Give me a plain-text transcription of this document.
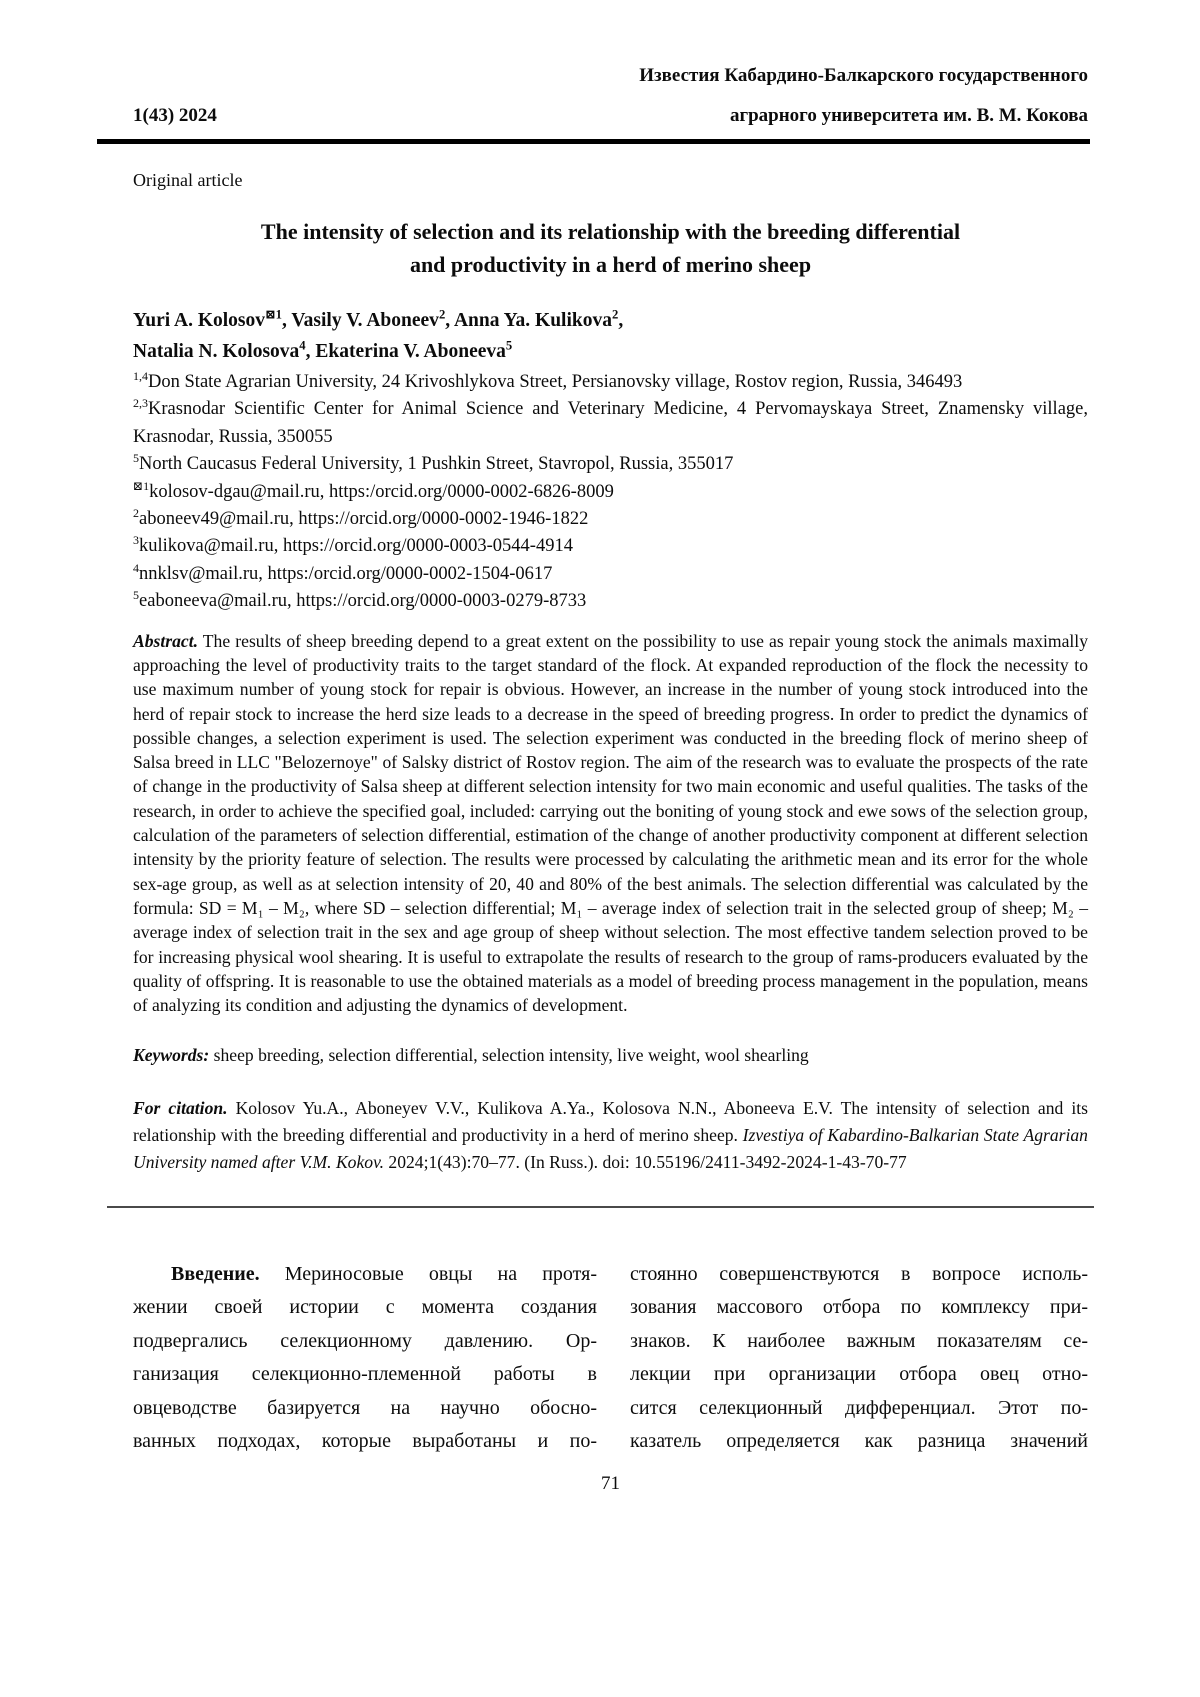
1(43) 2024
Известия Кабардино-Балкарского государственного
аграрного университета им. В. М. Кокова
Original article
The intensity of selection and its relationship with the breeding differential
and productivity in a herd of merino sheep
Yuri A. Kolosov$^{⊠1}$, Vasily V. Aboneev$^2$, Anna Ya. Kulikova$^2$,
Natalia N. Kolosova$^4$, Ekaterina V. Aboneeva$^5$
$^{1,4}$Don State Agrarian University, 24 Krivoshlykova Street, Persianovsky village, Rostov region, Russia, 346493
$^{2,3}$Krasnodar Scientific Center for Animal Science and Veterinary Medicine, 4 Pervomayskaya Street, Znamensky village, Krasnodar, Russia, 350055
$^5$North Caucasus Federal University, 1 Pushkin Street, Stavropol, Russia, 355017
$^{⊠1}$kolosov-dgau@mail.ru, https:/orcid.org/0000-0002-6826-8009
$^2$aboneev49@mail.ru, https://orcid.org/0000-0002-1946-1822
$^3$kulikova@mail.ru, https://orcid.org/0000-0003-0544-4914
$^4$nnklsv@mail.ru, https:/orcid.org/0000-0002-1504-0617
$^5$eaboneeva@mail.ru, https://orcid.org/0000-0003-0279-8733
Abstract. The results of sheep breeding depend to a great extent on the possibility to use as repair young stock the animals maximally approaching the level of productivity traits to the target standard of the flock. At expanded reproduction of the flock the necessity to use maximum number of young stock for repair is obvious. However, an increase in the number of young stock introduced into the herd of repair stock to increase the herd size leads to a decrease in the speed of breeding progress. In order to predict the dynamics of possible changes, a selection experiment is used. The selection experiment was conducted in the breeding flock of merino sheep of Salsa breed in LLC "Belozernoye" of Salsky district of Rostov region. The aim of the research was to evaluate the prospects of the rate of change in the productivity of Salsa sheep at different selection intensity for two main economic and useful qualities. The tasks of the research, in order to achieve the specified goal, included: carrying out the boniting of young stock and ewe sows of the selection group, calculation of the parameters of selection differential, estimation of the change of another productivity component at different selection intensity by the priority feature of selection. The results were processed by calculating the arithmetic mean and its error for the whole sex-age group, as well as at selection intensity of 20, 40 and 80% of the best animals. The selection differential was calculated by the formula: SD = M₁ – M₂, where SD – selection differential; M₁ – average index of selection trait in the selected group of sheep; M₂ – average index of selection trait in the sex and age group of sheep without selection. The most effective tandem selection proved to be for increasing physical wool shearing. It is useful to extrapolate the results of research to the group of rams-producers evaluated by the quality of offspring. It is reasonable to use the obtained materials as a model of breeding process management in the population, means of analyzing its condition and adjusting the dynamics of development.
Keywords: sheep breeding, selection differential, selection intensity, live weight, wool shearling
For citation. Kolosov Yu.A., Aboneyev V.V., Kulikova A.Ya., Kolosova N.N., Aboneeva E.V. The intensity of selection and its relationship with the breeding differential and productivity in a herd of merino sheep. Izvestiya of Kabardino-Balkarian State Agrarian University named after V.M. Kokov. 2024;1(43):70–77. (In Russ.). doi: 10.55196/2411-3492-2024-1-43-70-77
Введение. Мериносовые овцы на протя-
жении своей истории с момента создания
подвергались селекционному давлению. Ор-
ганизация селекционно-племенной работы в
овцеводстве базируется на научно обосно-
ванных подходах, которые выработаны и по-
стоянно совершенствуются в вопросе исполь-
зования массового отбора по комплексу при-
знаков. К наиболее важным показателям се-
лекции при организации отбора овец отно-
сится селекционный дифференциал. Этот по-
казатель определяется как разница значений
71
